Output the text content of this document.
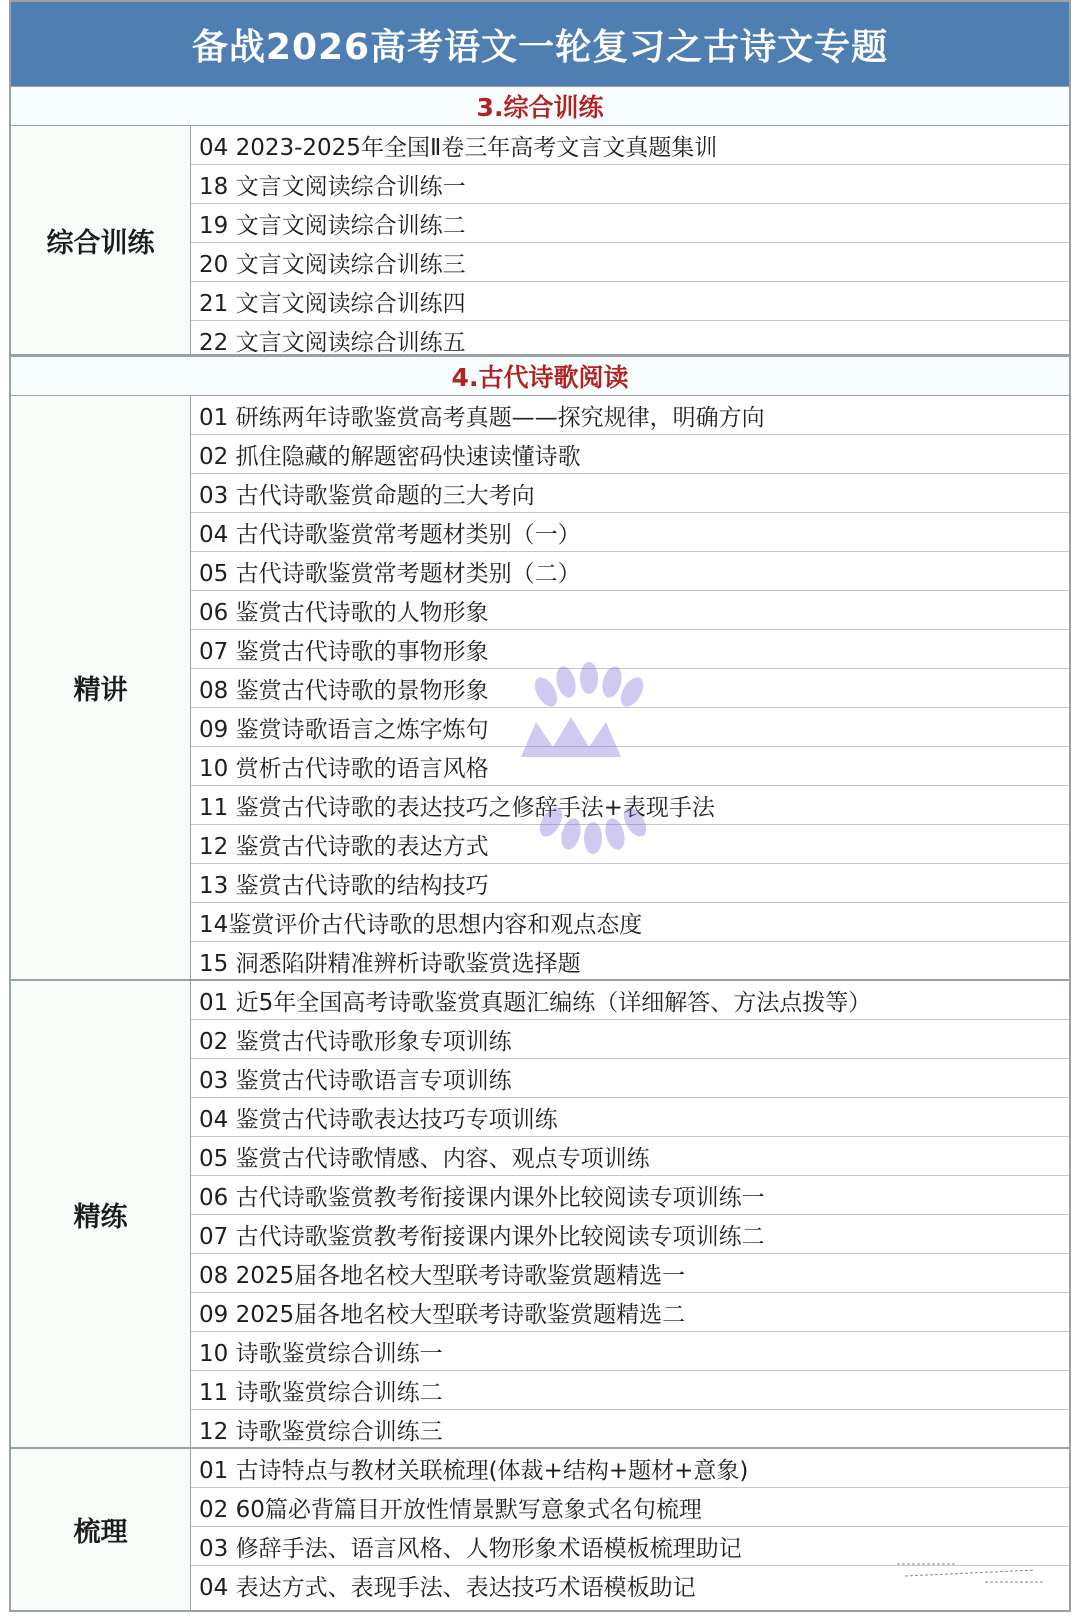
备战2026高考语文一轮复习之古诗文专题
3.综合训练
综合训练
04 2023-2025年全国Ⅱ卷三年高考文言文真题集训
18 文言文阅读综合训练一
19 文言文阅读综合训练二
20 文言文阅读综合训练三
21 文言文阅读综合训练四
22 文言文阅读综合训练五
4.古代诗歌阅读
精讲
01 研练两年诗歌鉴赏高考真题——探究规律，明确方向
02 抓住隐藏的解题密码快速读懂诗歌
03 古代诗歌鉴赏命题的三大考向
04 古代诗歌鉴赏常考题材类别（一）
05 古代诗歌鉴赏常考题材类别（二）
06 鉴赏古代诗歌的人物形象
07 鉴赏古代诗歌的事物形象
08 鉴赏古代诗歌的景物形象
09 鉴赏诗歌语言之炼字炼句
10 赏析古代诗歌的语言风格
11 鉴赏古代诗歌的表达技巧之修辞手法+表现手法
12 鉴赏古代诗歌的表达方式
13 鉴赏古代诗歌的结构技巧
14鉴赏评价古代诗歌的思想内容和观点态度
15 洞悉陷阱精准辨析诗歌鉴赏选择题
精练
01 近5年全国高考诗歌鉴赏真题汇编练（详细解答、方法点拨等）
02 鉴赏古代诗歌形象专项训练
03 鉴赏古代诗歌语言专项训练
04 鉴赏古代诗歌表达技巧专项训练
05 鉴赏古代诗歌情感、内容、观点专项训练
06 古代诗歌鉴赏教考衔接课内课外比较阅读专项训练一
07 古代诗歌鉴赏教考衔接课内课外比较阅读专项训练二
08 2025届各地名校大型联考诗歌鉴赏题精选一
09 2025届各地名校大型联考诗歌鉴赏题精选二
10 诗歌鉴赏综合训练一
11 诗歌鉴赏综合训练二
12 诗歌鉴赏综合训练三
梳理
01 古诗特点与教材关联梳理(体裁+结构+题材+意象)
02 60篇必背篇目开放性情景默写意象式名句梳理
03 修辞手法、语言风格、人物形象术语模板梳理助记
04 表达方式、表现手法、表达技巧术语模板助记
